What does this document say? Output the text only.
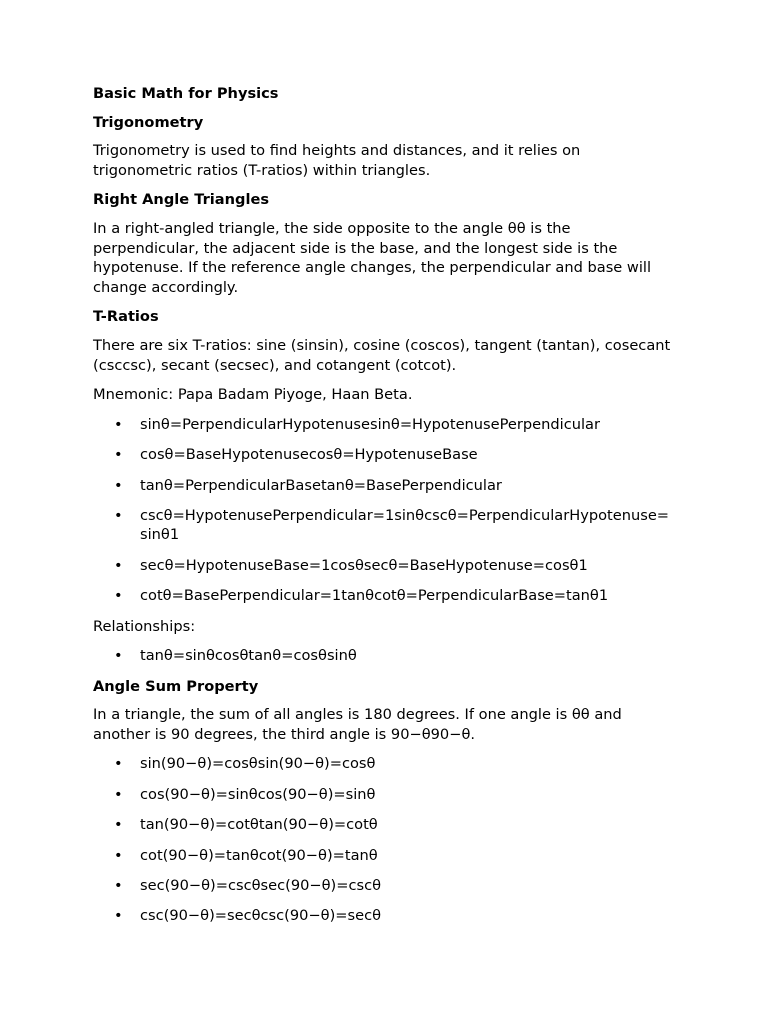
Basic Math for Physics
Trigonometry

Trigonometry is used to find heights and distances, and it relies on trigonometric ratios (T-ratios) within triangles.

Right Angle Triangles

In a right-angled triangle, the side opposite to the angle θθ is the perpendicular, the adjacent side is the base, and the longest side is the hypotenuse. If the reference angle changes, the perpendicular and base will change accordingly.

T-Ratios

There are six T-ratios: sine (sinsin), cosine (coscos), tangent (tantan), cosecant (csccsc), secant (secsec), and cotangent (cotcot).

Mnemonic: Papa Badam Piyoge, Haan Beta.

• sinθ=PerpendicularHypotenusesinθ=HypotenusePerpendicular
• cosθ=BaseHypotenusecosθ=HypotenuseBase
• tanθ=PerpendicularBasetanθ=BasePerpendicular
• cscθ=HypotenusePerpendicular=1sinθcscθ=PerpendicularHypotenuse=sinθ1
• secθ=HypotenuseBase=1cosθsecθ=BaseHypotenuse=cosθ1
• cotθ=BasePerpendicular=1tanθcotθ=PerpendicularBase=tanθ1

Relationships:

• tanθ=sinθcosθtanθ=cosθsinθ
Angle Sum Property

In a triangle, the sum of all angles is 180 degrees. If one angle is θθ and another is 90 degrees, the third angle is 90−θ90−θ.

• sin(90−θ)=cosθsin(90−θ)=cosθ
• cos(90−θ)=sinθcos(90−θ)=sinθ
• tan(90−θ)=cotθtan(90−θ)=cotθ
• cot(90−θ)=tanθcot(90−θ)=tanθ
• sec(90−θ)=cscθsec(90−θ)=cscθ
• csc(90−θ)=secθcsc(90−θ)=secθ
